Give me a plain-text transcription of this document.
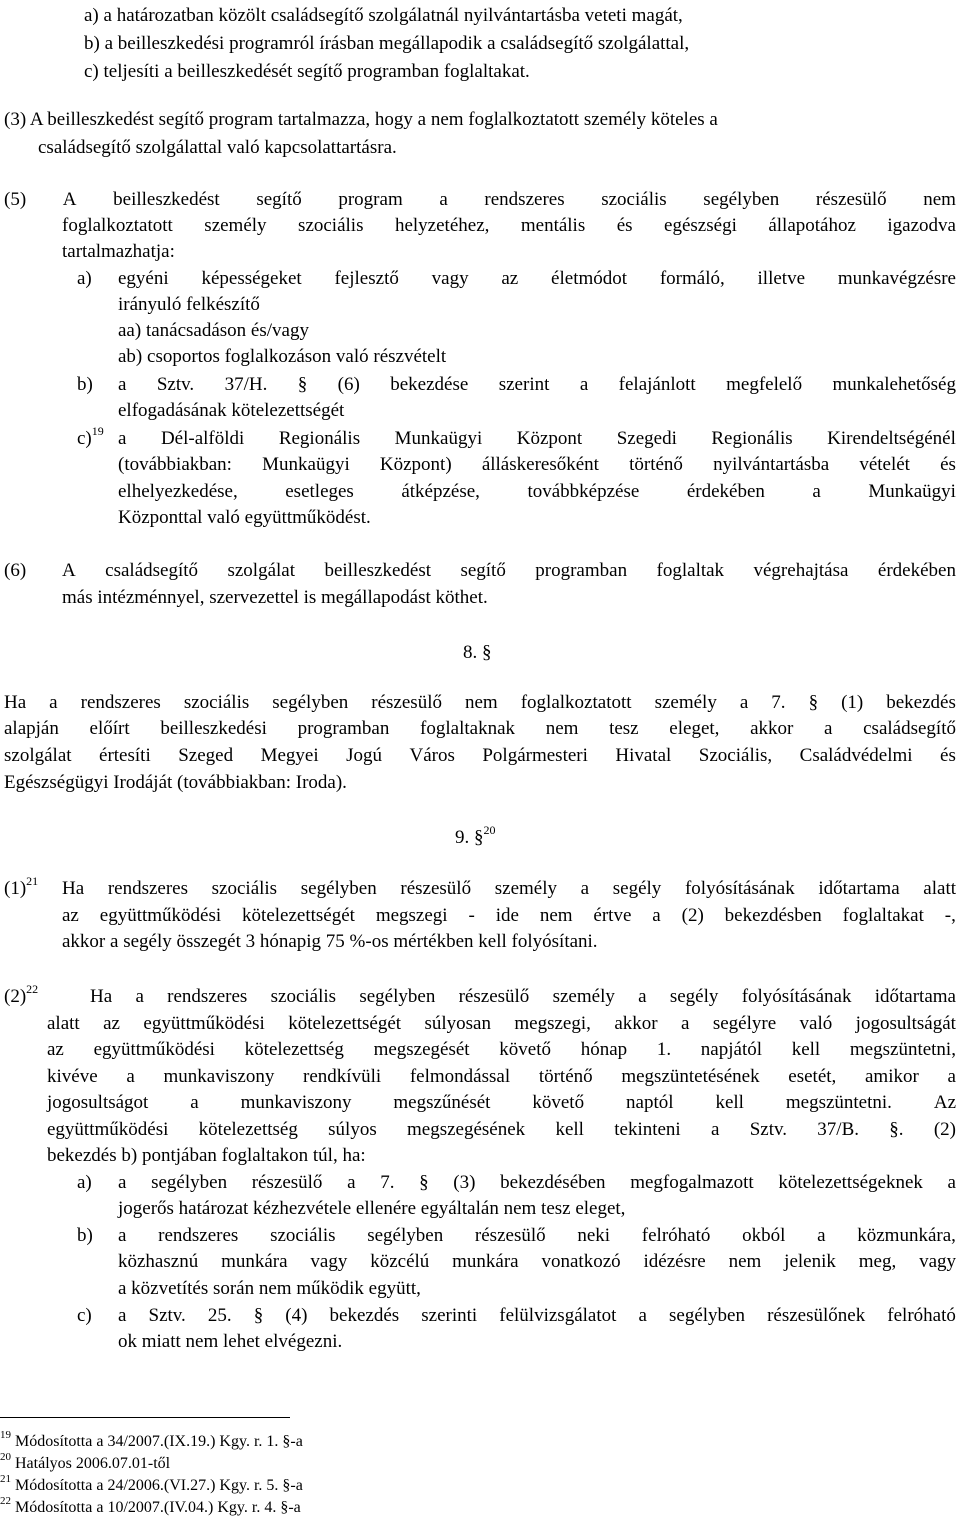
a) a határozatban közölt családsegítő szolgálatnál nyilvántartásba veteti magát,
b) a beilleszkedési programról írásban megállapodik a családsegítő szolgálattal,
c) teljesíti a beilleszkedését segítő programban foglaltakat.
(3) A beilleszkedést segítő program tartalmazza, hogy a nem foglalkoztatott személy köteles a
családsegítő szolgálattal való kapcsolattartásra.
(5) A beilleszkedést segítő program a rendszeres szociális segélyben részesülő nem
foglalkoztatott személy szociális helyzetéhez, mentális és egészségi állapotához igazodva
tartalmazhatja:
a) egyéni képességeket fejlesztő vagy az életmódot formáló, illetve munkavégzésre
irányuló felkészítő
aa) tanácsadáson és/vagy
ab) csoportos foglalkozáson való részvételt
b) a Sztv. 37/H. § (6) bekezdése szerint a felajánlott megfelelő munkalehetőség
elfogadásának kötelezettségét
c)$^{19}$ a Dél-alföldi Regionális Munkaügyi Központ Szegedi Regionális Kirendeltségénél
(továbbiakban: Munkaügyi Központ) álláskeresőként történő nyilvántartásba vételét és
elhelyezkedése,	esetleges	átképzése,	továbbképzése	érdekében	a	Munkaügyi
Központtal való együttműködést.
(6) A családsegítő szolgálat beilleszkedést segítő programban foglaltak végrehajtása érdekében
más intézménnyel, szervezettel is megállapodást köthet.
8. §
Ha a rendszeres szociális segélyben részesülő nem foglalkoztatott személy a 7. § (1) bekezdés
alapján előírt beilleszkedési programban foglaltaknak nem tesz eleget, akkor a családsegítő
szolgálat értesíti Szeged Megyei Jogú Város Polgármesteri Hivatal Szociális, Családvédelmi és
Egészségügyi Irodáját (továbbiakban: Iroda).
9. §$^{20}$
$(1)^{21}$ Ha rendszeres szociális segélyben részesülő személy a segély folyósításának időtartama alatt
az együttműködési kötelezettségét megszegi - ide nem értve a (2) bekezdésben foglaltakat -,
akkor a segély összegét 3 hónapig 75 %-os mértékben kell folyósítani.
$(2)^{22}$	Ha a rendszeres szociális segélyben részesülő személy a segély folyósításának időtartama
alatt az együttműködési kötelezettségét súlyosan megszegi, akkor a segélyre való jogosultságát
az együttműködési kötelezettség megszegését követő hónap 1. napjától kell megszüntetni,
kivéve a munkaviszony rendkívüli felmondással történő megszüntetésének esetét, amikor a
jogosultságot a munkaviszony megszűnését követő naptól kell megszüntetni. Az
együttműködési kötelezettség súlyos megszegésének kell tekinteni a Sztv. 37/B. §. (2)
bekezdés b) pontjában foglaltakon túl, ha:
a) a segélyben részesülő a 7. § (3) bekezdésében megfogalmazott kötelezettségeknek a
jogerős határozat kézhezvétele ellenére egyáltalán nem tesz eleget,
b) a rendszeres szociális segélyben részesülő neki felróható okból a közmunkára,
közhasznú munkára vagy közcélú munkára vonatkozó idézésre nem jelenik meg, vagy
a közvetítés során nem működik együtt,
c) a Sztv. 25. § (4) bekezdés szerinti felülvizsgálatot a segélyben részesülőnek felróható
ok miatt nem lehet elvégezni.
$^{19}$ Módosította a 34/2007.(IX.19.) Kgy. r. 1. §-a
$^{20}$ Hatályos 2006.07.01-től
$^{21}$ Módosította a 24/2006.(VI.27.) Kgy. r. 5. §-a
$^{22}$ Módosította a 10/2007.(IV.04.) Kgy. r. 4. §-a
